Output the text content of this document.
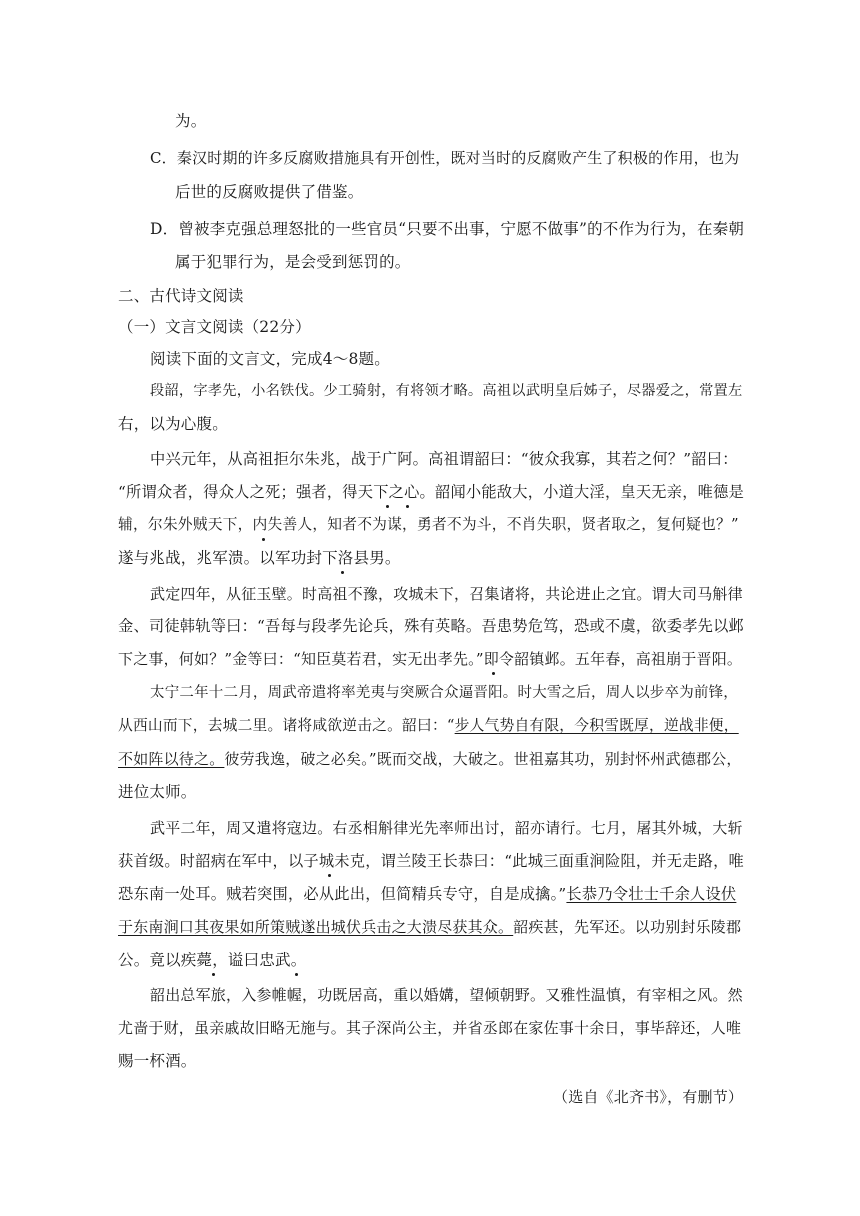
为。
C．秦汉时期的许多反腐败措施具有开创性，既对当时的反腐败产生了积极的作用，也为
后世的反腐败提供了借鉴。
D．曾被李克强总理怒批的一些官员“只要不出事，宁愿不做事”的不作为行为，在秦朝
属于犯罪行为，是会受到惩罚的。
二、古代诗文阅读
（一）文言文阅读（22分）
阅读下面的文言文，完成4～8题。
段韶，字孝先，小名铁伐。少工骑射，有将领才略。高祖以武明皇后姊子，尽器爱之，常置左
右，以为心腹。
中兴元年，从高祖拒尔朱兆，战于广阿。高祖谓韶曰：“彼众我寡，其若之何？”韶曰：
“所谓众者，得众人之死；强者，得天下之心。韶闻小能敌大，小道大淫，皇天无亲，唯德是
辅，尔朱外贼天下，内失善人，知者不为谋，勇者不为斗，不肖失职，贤者取之，复何疑也？”
遂与兆战，兆军溃。以军功封下洛县男。
武定四年，从征玉壁。时高祖不豫，攻城未下，召集诸将，共论进止之宜。谓大司马斛律
金、司徒韩轨等曰：“吾每与段孝先论兵，殊有英略。吾患势危笃，恐或不虞，欲委孝先以邺
下之事，何如？”金等曰：“知臣莫若君，实无出孝先。”即令韶镇邺。五年春，高祖崩于晋阳。
太宁二年十二月，周武帝遣将率羌夷与突厥合众逼晋阳。时大雪之后，周人以步卒为前锋，
从西山而下，去城二里。诸将咸欲逆击之。韶曰：“步人气势自有限，今积雪既厚，逆战非便，
不如阵以待之。彼劳我逸，破之必矣。”既而交战，大破之。世祖嘉其功，别封怀州武德郡公，
进位太师。
武平二年，周又遣将寇边。右丞相斛律光先率师出讨，韶亦请行。七月，屠其外城，大斩
获首级。时韶病在军中，以子城未克，谓兰陵王长恭曰：“此城三面重涧险阻，并无走路，唯
恐东南一处耳。贼若突围，必从此出，但简精兵专守，自是成擒。”长恭乃令壮士千余人设伏
于东南涧口其夜果如所策贼遂出城伏兵击之大溃尽获其众。韶疾甚，先军还。以功别封乐陵郡
公。竟以疾薨，谥曰忠武。
韶出总军旅，入参帷幄，功既居高，重以婚媾，望倾朝野。又雅性温慎，有宰相之风。然
尤啬于财，虽亲戚故旧略无施与。其子深尚公主，并省丞郎在家佐事十余日，事毕辞还，人唯
赐一杯酒。
（选自《北齐书》，有删节）
